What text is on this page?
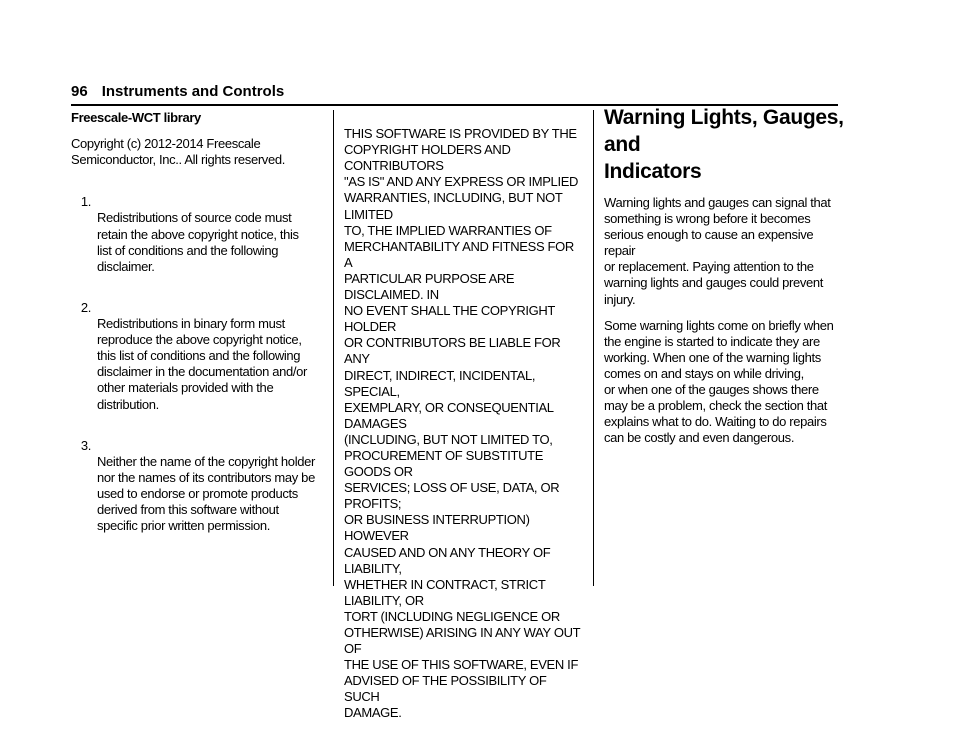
96 Instruments and Controls

Freescale-WCT library

Copyright (c) 2012-2014 Freescale Semiconductor, Inc.. All rights reserved.

1.

Redistributions of source code must
retain the above copyright notice, this
list of conditions and the following
disclaimer.

2.

Redistributions in binary form must
reproduce the above copyright notice,
this list of conditions and the following
disclaimer in the documentation and/or
other materials provided with the
distribution.

3.

Neither the name of the copyright holder
nor the names of its contributors may be
used to endorse or promote products
derived from this software without
specific prior written permission.

THIS SOFTWARE IS PROVIDED BY THE
COPYRIGHT HOLDERS AND CONTRIBUTORS
"AS IS" AND ANY EXPRESS OR IMPLIED
WARRANTIES, INCLUDING, BUT NOT LIMITED
TO, THE IMPLIED WARRANTIES OF
MERCHANTABILITY AND FITNESS FOR A
PARTICULAR PURPOSE ARE DISCLAIMED. IN
NO EVENT SHALL THE COPYRIGHT HOLDER
OR CONTRIBUTORS BE LIABLE FOR ANY
DIRECT, INDIRECT, INCIDENTAL, SPECIAL,
EXEMPLARY, OR CONSEQUENTIAL DAMAGES
(INCLUDING, BUT NOT LIMITED TO,
PROCUREMENT OF SUBSTITUTE GOODS OR
SERVICES; LOSS OF USE, DATA, OR PROFITS;
OR BUSINESS INTERRUPTION) HOWEVER
CAUSED AND ON ANY THEORY OF LIABILITY,
WHETHER IN CONTRACT, STRICT LIABILITY, OR
TORT (INCLUDING NEGLIGENCE OR
OTHERWISE) ARISING IN ANY WAY OUT OF
THE USE OF THIS SOFTWARE, EVEN IF
ADVISED OF THE POSSIBILITY OF SUCH
DAMAGE.

Warning Lights, Gauges, and
Indicators

Warning lights and gauges can signal that
something is wrong before it becomes
serious enough to cause an expensive repair
or replacement. Paying attention to the
warning lights and gauges could prevent
injury.

Some warning lights come on briefly when
the engine is started to indicate they are
working. When one of the warning lights
comes on and stays on while driving,
or when one of the gauges shows there
may be a problem, check the section that
explains what to do. Waiting to do repairs
can be costly and even dangerous.
